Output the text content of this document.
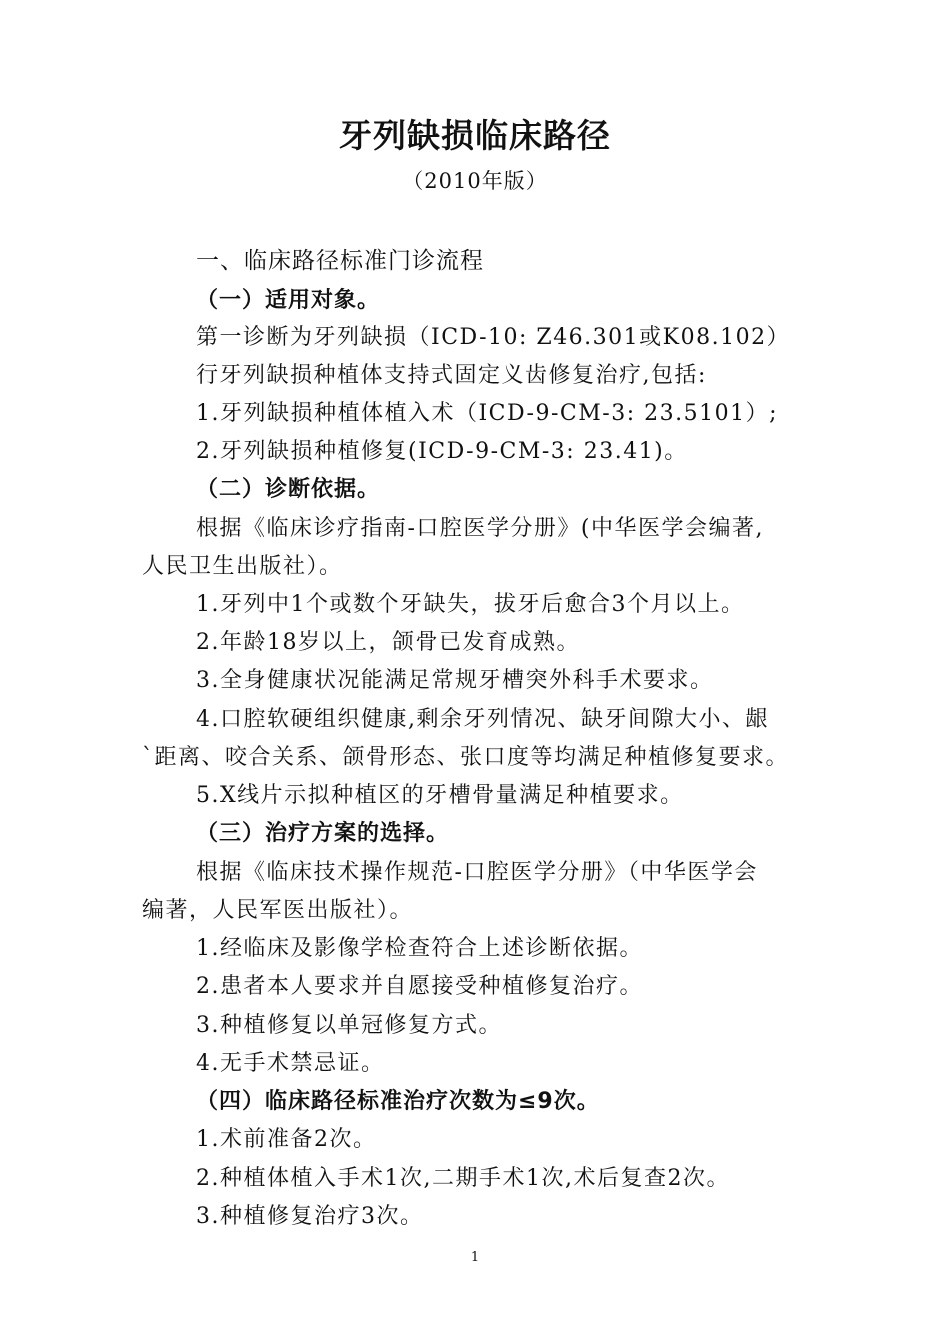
牙列缺损临床路径
（2010年版）
一、临床路径标准门诊流程
（一）适用对象。
第一诊断为牙列缺损（ICD-10: Z46.301或K08.102）
行牙列缺损种植体支持式固定义齿修复治疗,包括:
1.牙列缺损种植体植入术（ICD-9-CM-3: 23.5101）;
2.牙列缺损种植修复(ICD-9-CM-3: 23.41)。
（二）诊断依据。
根据《临床诊疗指南-口腔医学分册》(中华医学会编著,
人民卫生出版社）。
1.牙列中1个或数个牙缺失，拔牙后愈合3个月以上。
2.年龄18岁以上，颌骨已发育成熟。
3.全身健康状况能满足常规牙槽突外科手术要求。
4.口腔软硬组织健康,剩余牙列情况、缺牙间隙大小、龈
`距离、咬合关系、颌骨形态、张口度等均满足种植修复要求。
5.X线片示拟种植区的牙槽骨量满足种植要求。
（三）治疗方案的选择。
根据《临床技术操作规范-口腔医学分册》（中华医学会
编著，人民军医出版社）。
1.经临床及影像学检查符合上述诊断依据。
2.患者本人要求并自愿接受种植修复治疗。
3.种植修复以单冠修复方式。
4.无手术禁忌证。
（四）临床路径标准治疗次数为≤9次。
1.术前准备2次。
2.种植体植入手术1次,二期手术1次,术后复查2次。
3.种植修复治疗3次。
1
